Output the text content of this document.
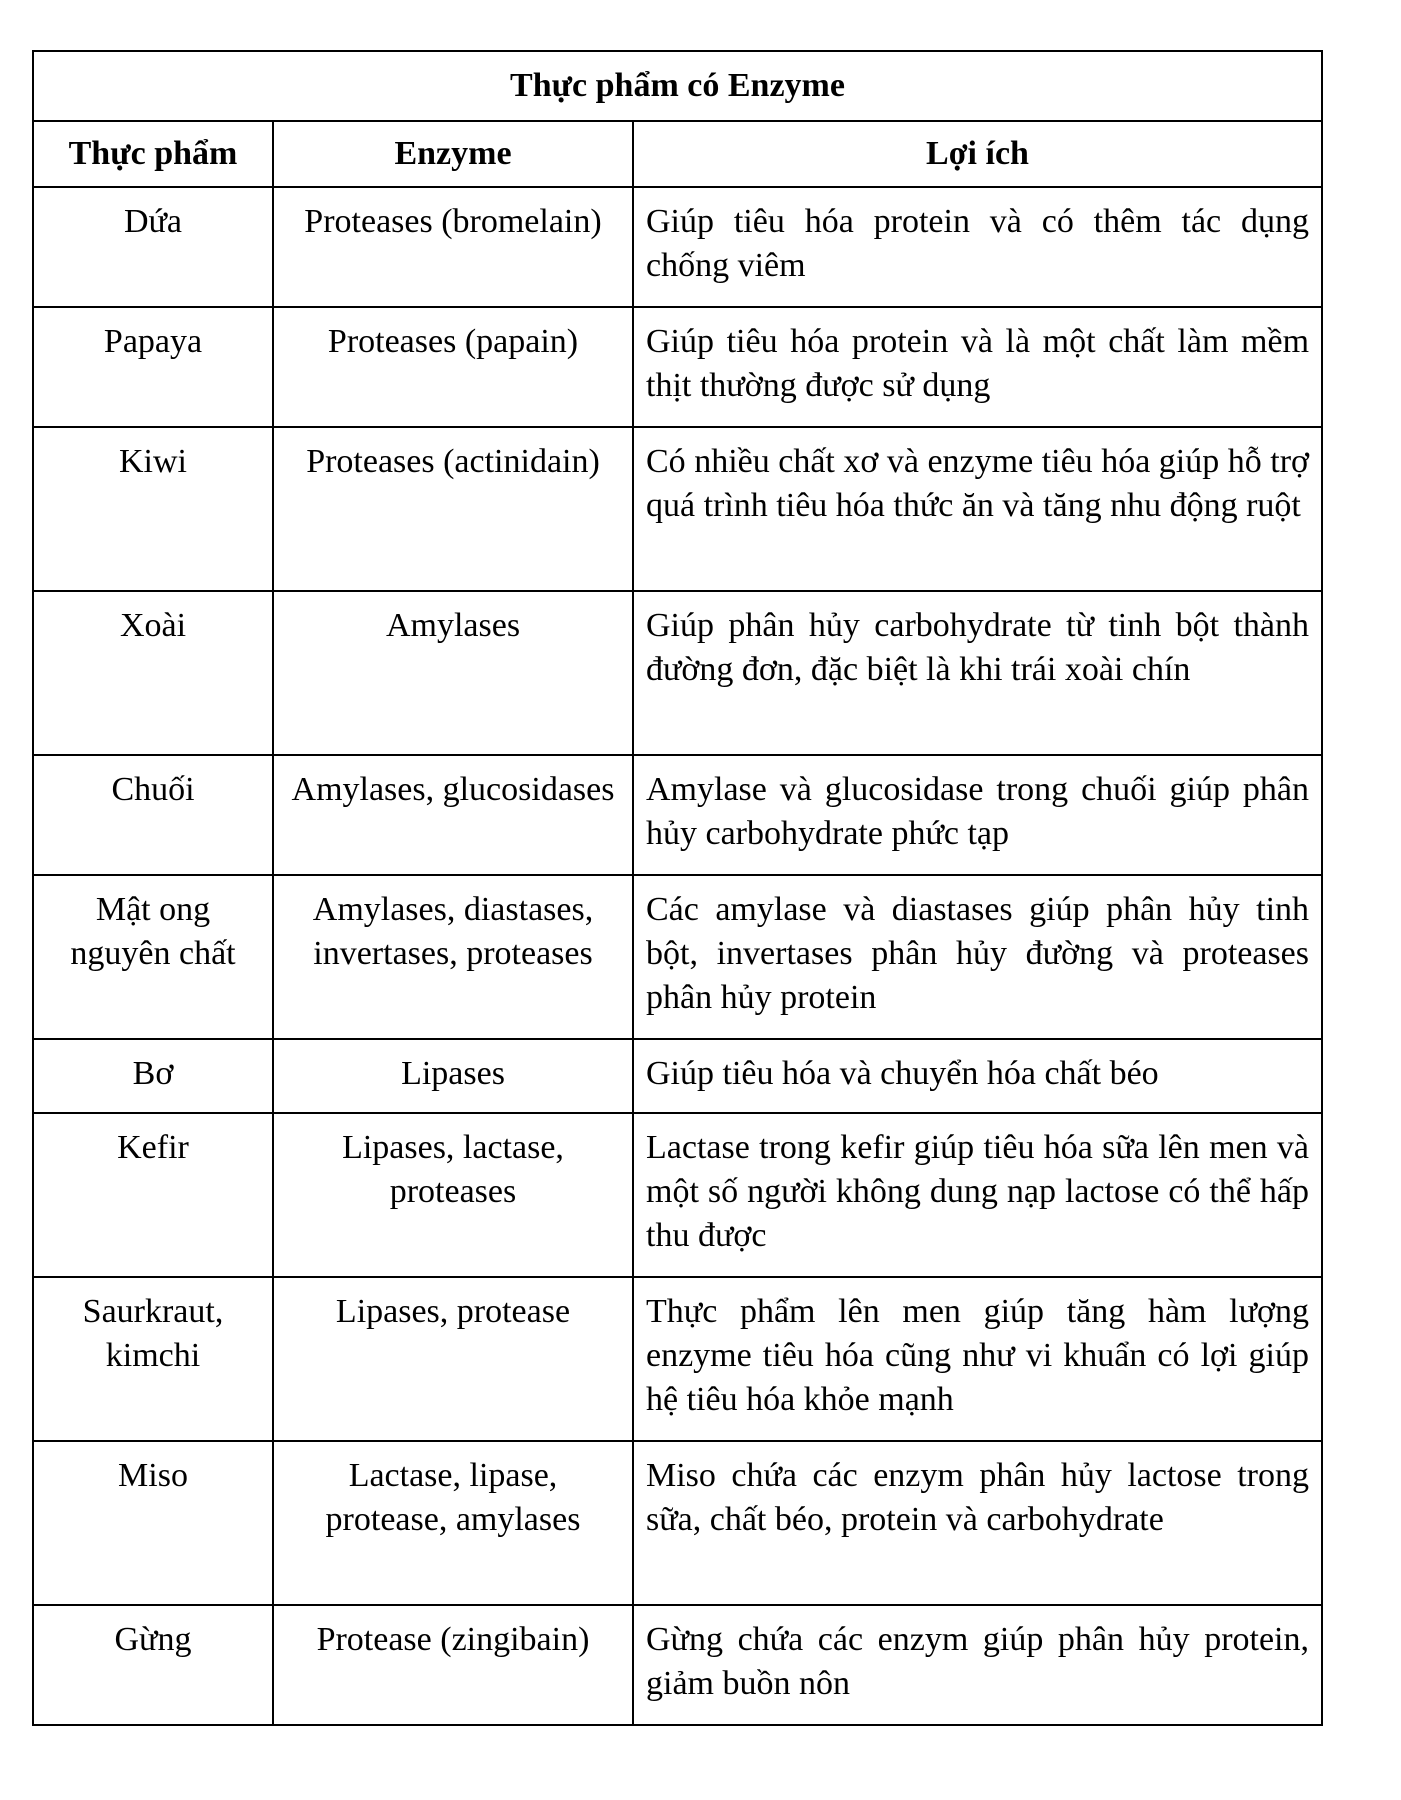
Thực phẩm có Enzyme		
Thực phẩm	Enzyme	Lợi ích
Dứa	Proteases (bromelain)	Giúp tiêu hóa protein và có thêm tác dụng chống viêm
Papaya	Proteases (papain)	Giúp tiêu hóa protein và là một chất làm mềm thịt thường được sử dụng
Kiwi	Proteases (actinidain)	Có nhiều chất xơ và enzyme tiêu hóa giúp hỗ trợ quá trình tiêu hóa thức ăn và tăng nhu động ruột
Xoài	Amylases	Giúp phân hủy carbohydrate từ tinh bột thành đường đơn, đặc biệt là khi trái xoài chín
Chuối	Amylases, glucosidases	Amylase và glucosidase trong chuối giúp phân hủy carbohydrate phức tạp
Mật ong nguyên chất	Amylases, diastases, invertases, proteases	Các amylase và diastases giúp phân hủy tinh bột, invertases phân hủy đường và proteases phân hủy protein
Bơ	Lipases	Giúp tiêu hóa và chuyển hóa chất béo
Kefir	Lipases, lactase, proteases	Lactase trong kefir giúp tiêu hóa sữa lên men và một số người không dung nạp lactose có thể hấp thu được
Saurkraut, kimchi	Lipases, protease	Thực phẩm lên men giúp tăng hàm lượng enzyme tiêu hóa cũng như vi khuẩn có lợi giúp hệ tiêu hóa khỏe mạnh
Miso	Lactase, lipase, protease, amylases	Miso chứa các enzym phân hủy lactose trong sữa, chất béo, protein và carbohydrate
Gừng	Protease (zingibain)	Gừng chứa các enzym giúp phân hủy protein, giảm buồn nôn
